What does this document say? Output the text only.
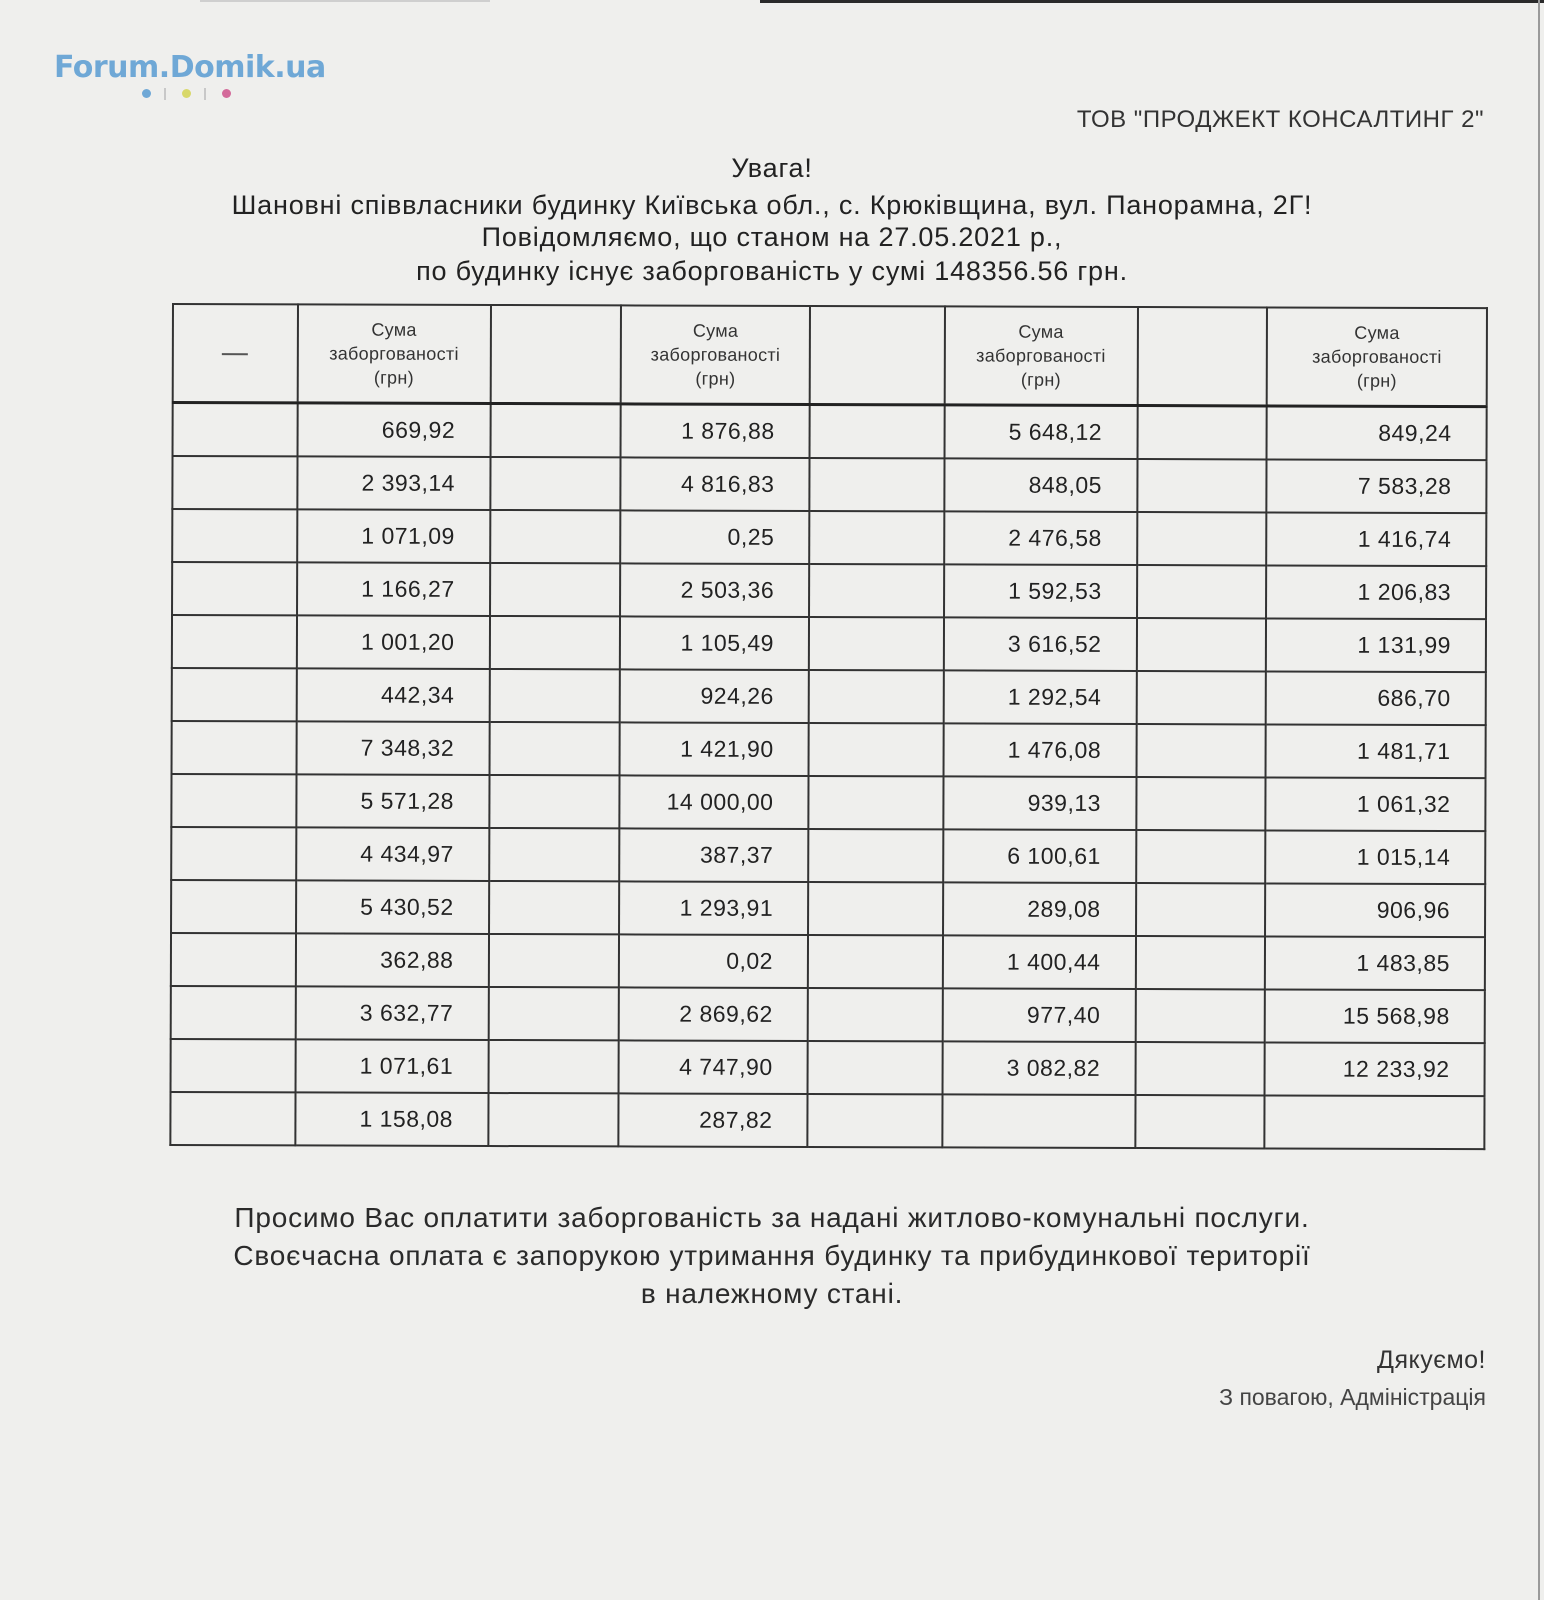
Forum.Domik.ua
ТОВ "ПРОДЖЕКТ КОНСАЛТИНГ 2"
Увага!
Шановні співвласники будинку Київська обл., с. Крюківщина, вул. Панорамна, 2Г!
Повідомляємо, що станом на 27.05.2021 р.,
по будинку існує заборгованість у сумі 148356.56 грн.
	Сума
заборгованості
(грн)		Сума
заборгованості
(грн)		Сума
заборгованості
(грн)		Сума
заборгованості
(грн)
	669,92		1 876,88		5 648,12		849,24
	2 393,14		4 816,83		848,05		7 583,28
	1 071,09		0,25		2 476,58		1 416,74
	1 166,27		2 503,36		1 592,53		1 206,83
	1 001,20		1 105,49		3 616,52		1 131,99
	442,34		924,26		1 292,54		686,70
	7 348,32		1 421,90		1 476,08		1 481,71
	5 571,28		14 000,00		939,13		1 061,32
	4 434,97		387,37		6 100,61		1 015,14
	5 430,52		1 293,91		289,08		906,96
	362,88		0,02		1 400,44		1 483,85
	3 632,77		2 869,62		977,40		15 568,98
	1 071,61		4 747,90		3 082,82		12 233,92
	1 158,08		287,82				
Просимо Вас оплатити заборгованість за надані житлово-комунальні послуги.
Своєчасна оплата є запорукою утримання будинку та прибудинкової території
в належному стані.
Дякуємо!
З повагою, Адміністрація
